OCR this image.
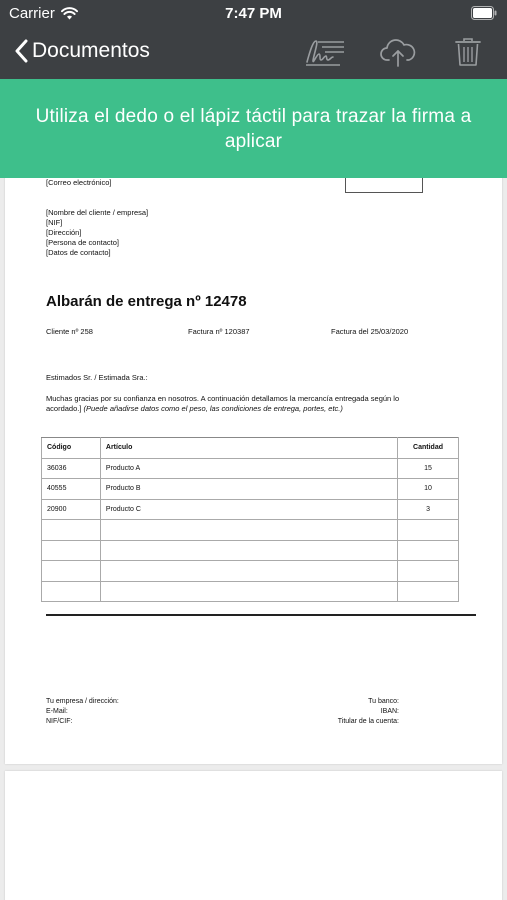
Carrier	7:47 PM
Documentos
[Correo electrónico]
[Nombre del cliente / empresa]
[NIF]
[Dirección]
[Persona de contacto]
[Datos de contacto]
Albarán de entrega nº 12478
Cliente nº 258	Factura nº 120387	Factura del 25/03/2020
Estimados Sr. / Estimada Sra.:
Muchas gracias por su confianza en nosotros. A continuación detallamos la mercancía entregada según lo
acordado.] (Puede añadirse datos como el peso, las condiciones de entrega, portes, etc.)
Código	Artículo	Cantidad
36036	Producto A	15
40555	Producto B	10
20900	Producto C	3

Tu empresa / dirección:
E-Mail:
NIF/CIF:
Tu banco:
IBAN:
Titular de la cuenta:
Utiliza el dedo o el lápiz táctil para trazar la firma a aplicar
